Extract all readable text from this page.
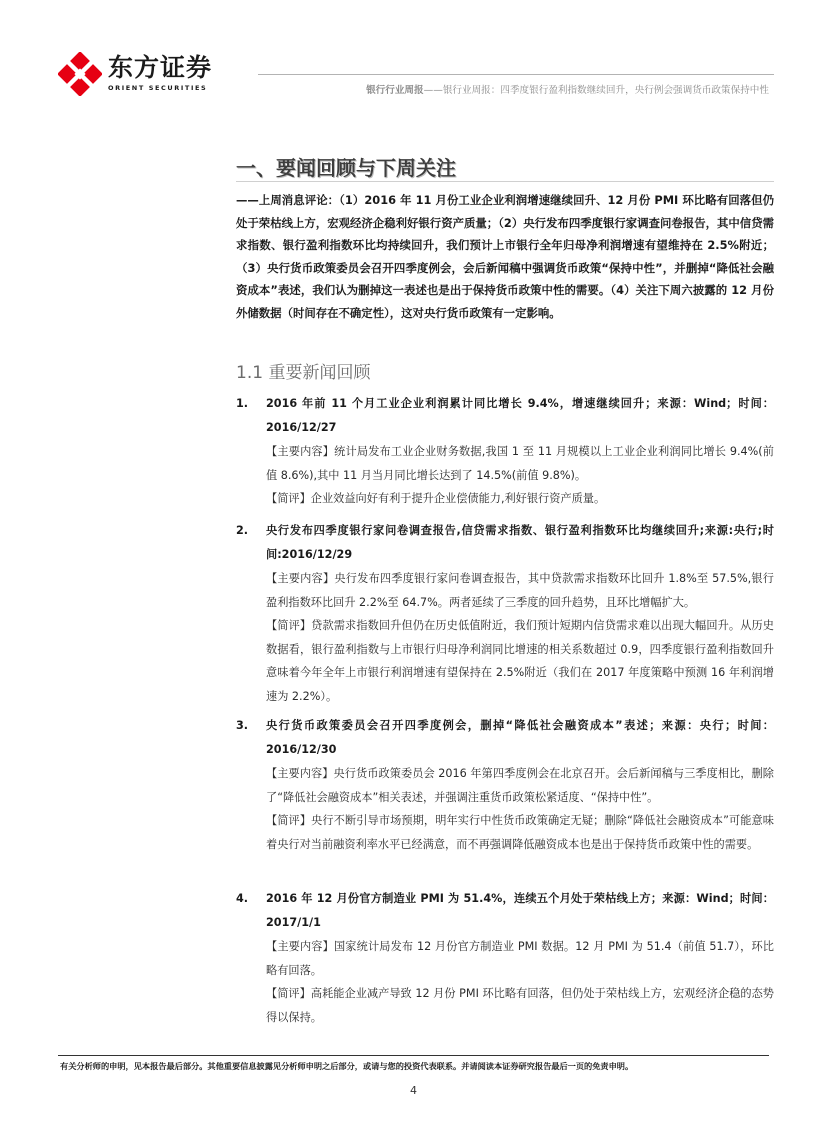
东方证券
ORIENT SECURITIES	银行行业周报——银行业周报：四季度银行盈利指数继续回升，央行例会强调货币政策保持中性
一、要闻回顾与下周关注
——上周消息评论：（1）2016 年 11 月份工业企业利润增速继续回升、12 月份 PMI 环比略有回落但仍处于荣枯线上方，宏观经济企稳利好银行资产质量；（2）央行发布四季度银行家调查问卷报告，其中信贷需求指数、银行盈利指数环比均持续回升，我们预计上市银行全年归母净利润增速有望维持在 2.5%附近；（3）央行货币政策委员会召开四季度例会，会后新闻稿中强调货币政策“保持中性”，并删掉“降低社会融资成本”表述，我们认为删掉这一表述也是出于保持货币政策中性的需要。（4）关注下周六披露的 12 月份外储数据（时间存在不确定性），这对央行货币政策有一定影响。
1.1 重要新闻回顾
1. 2016 年前 11 个月工业企业利润累计同比增长 9.4%，增速继续回升；来源：Wind；时间：2016/12/27

【主要内容】统计局发布工业企业财务数据,我国 1 至 11 月规模以上工业企业利润同比增长 9.4%(前值 8.6%),其中 11 月当月同比增长达到了 14.5%(前值 9.8%)。

【简评】企业效益向好有利于提升企业偿债能力,利好银行资产质量。

2. 央行发布四季度银行家问卷调查报告,信贷需求指数、银行盈利指数环比均继续回升;来源:央行;时间:2016/12/29

【主要内容】央行发布四季度银行家问卷调查报告，其中贷款需求指数环比回升 1.8%至 57.5%,银行盈利指数环比回升 2.2%至 64.7%。两者延续了三季度的回升趋势，且环比增幅扩大。

【简评】贷款需求指数回升但仍在历史低值附近，我们预计短期内信贷需求难以出现大幅回升。从历史数据看，银行盈利指数与上市银行归母净利润同比增速的相关系数超过 0.9，四季度银行盈利指数回升意味着今年全年上市银行利润增速有望保持在 2.5%附近（我们在 2017 年度策略中预测 16 年利润增速为 2.2%）。

3. 央行货币政策委员会召开四季度例会，删掉“降低社会融资成本”表述；来源：央行；时间：2016/12/30

【主要内容】央行货币政策委员会 2016 年第四季度例会在北京召开。会后新闻稿与三季度相比，删除了“降低社会融资成本”相关表述，并强调注重货币政策松紧适度、“保持中性”。

【简评】央行不断引导市场预期，明年实行中性货币政策确定无疑；删除“降低社会融资成本”可能意味着央行对当前融资利率水平已经满意，而不再强调降低融资成本也是出于保持货币政策中性的需要。

4. 2016 年 12 月份官方制造业 PMI 为 51.4%，连续五个月处于荣枯线上方；来源：Wind；时间：2017/1/1

【主要内容】国家统计局发布 12 月份官方制造业 PMI 数据。12 月 PMI 为 51.4（前值 51.7），环比略有回落。

【简评】高耗能企业减产导致 12 月份 PMI 环比略有回落，但仍处于荣枯线上方，宏观经济企稳的态势得以保持。

有关分析师的申明，见本报告最后部分。其他重要信息披露见分析师申明之后部分，或请与您的投资代表联系。并请阅读本证券研究报告最后一页的免责申明。
4
